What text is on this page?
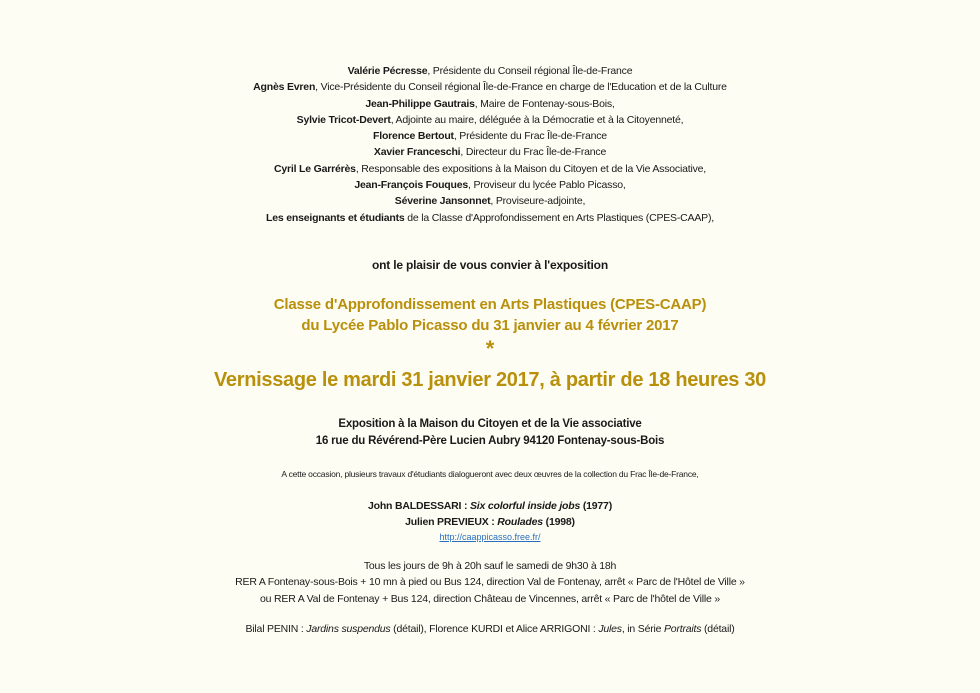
Valérie Pécresse, Présidente du Conseil régional Île-de-France
Agnès Evren, Vice-Présidente du Conseil régional Île-de-France en charge de l'Education et de la Culture
Jean-Philippe Gautrais, Maire de Fontenay-sous-Bois,
Sylvie Tricot-Devert, Adjointe au maire, déléguée à la Démocratie et à la Citoyenneté,
Florence Bertout, Présidente du Frac Île-de-France
Xavier Franceschi, Directeur du Frac Île-de-France
Cyril Le Garrérès, Responsable des expositions à la Maison du Citoyen et de la Vie Associative,
Jean-François Fouques, Proviseur du lycée Pablo Picasso,
Séverine Jansonnet, Proviseure-adjointe,
Les enseignants et étudiants de la Classe d'Approfondissement en Arts Plastiques (CPES-CAAP),
ont le plaisir de vous convier à l'exposition
Classe d'Approfondissement en Arts Plastiques (CPES-CAAP)
du Lycée Pablo Picasso du 31 janvier au 4 février 2017
*
Vernissage le mardi 31 janvier 2017, à partir de 18 heures 30
Exposition à la Maison du Citoyen et de la Vie associative
16 rue du Révérend-Père Lucien Aubry 94120 Fontenay-sous-Bois
A cette occasion, plusieurs travaux d'étudiants dialogueront avec deux œuvres de la collection du Frac Île-de-France,
John BALDESSARI : Six colorful inside jobs (1977)
Julien PREVIEUX : Roulades (1998)
http://caappicasso.free.fr/
Tous les jours de 9h à 20h sauf le samedi de 9h30 à 18h
RER A Fontenay-sous-Bois + 10 mn à pied ou Bus 124, direction Val de Fontenay, arrêt « Parc de l'Hôtel de Ville »
ou RER A Val de Fontenay + Bus 124, direction Château de Vincennes, arrêt « Parc de l'hôtel de Ville »
Bilal PENIN : Jardins suspendus (détail), Florence KURDI et Alice ARRIGONI : Jules, in Série Portraits (détail)
